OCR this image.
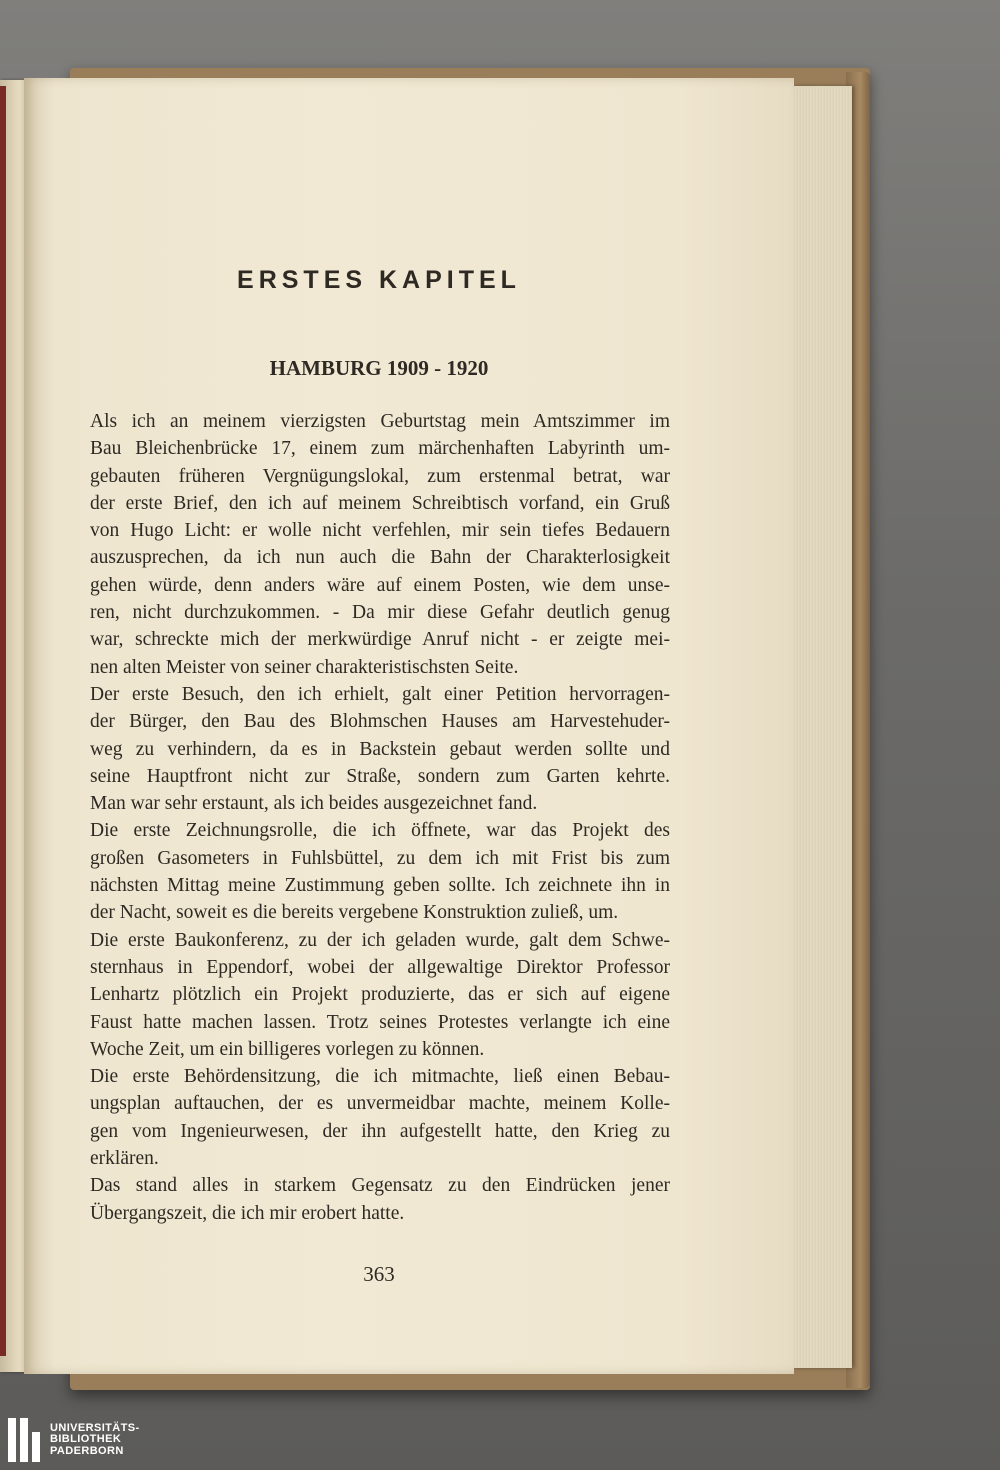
ERSTES KAPITEL
HAMBURG 1909 - 1920
Als ich an meinem vierzigsten Geburtstag mein Amtszimmer im
Bau Bleichenbrücke 17, einem zum märchenhaften Labyrinth um-
gebauten früheren Vergnügungslokal, zum erstenmal betrat, war
der erste Brief, den ich auf meinem Schreibtisch vorfand, ein Gruß
von Hugo Licht: er wolle nicht verfehlen, mir sein tiefes Bedauern
auszusprechen, da ich nun auch die Bahn der Charakterlosigkeit
gehen würde, denn anders wäre auf einem Posten, wie dem unse-
ren, nicht durchzukommen. - Da mir diese Gefahr deutlich genug
war, schreckte mich der merkwürdige Anruf nicht - er zeigte mei-
nen alten Meister von seiner charakteristischsten Seite.
Der erste Besuch, den ich erhielt, galt einer Petition hervorragen-
der Bürger, den Bau des Blohmschen Hauses am Harvestehuder-
weg zu verhindern, da es in Backstein gebaut werden sollte und
seine Hauptfront nicht zur Straße, sondern zum Garten kehrte.
Man war sehr erstaunt, als ich beides ausgezeichnet fand.
Die erste Zeichnungsrolle, die ich öffnete, war das Projekt des
großen Gasometers in Fuhlsbüttel, zu dem ich mit Frist bis zum
nächsten Mittag meine Zustimmung geben sollte. Ich zeichnete ihn in
der Nacht, soweit es die bereits vergebene Konstruktion zuließ, um.
Die erste Baukonferenz, zu der ich geladen wurde, galt dem Schwe-
sternhaus in Eppendorf, wobei der allgewaltige Direktor Professor
Lenhartz plötzlich ein Projekt produzierte, das er sich auf eigene
Faust hatte machen lassen. Trotz seines Protestes verlangte ich eine
Woche Zeit, um ein billigeres vorlegen zu können.
Die erste Behördensitzung, die ich mitmachte, ließ einen Bebau-
ungsplan auftauchen, der es unvermeidbar machte, meinem Kolle-
gen vom Ingenieurwesen, der ihn aufgestellt hatte, den Krieg zu
erklären.
Das stand alles in starkem Gegensatz zu den Eindrücken jener
Übergangszeit, die ich mir erobert hatte.
363
UNIVERSITÄTS-
BIBLIOTHEK
PADERBORN
